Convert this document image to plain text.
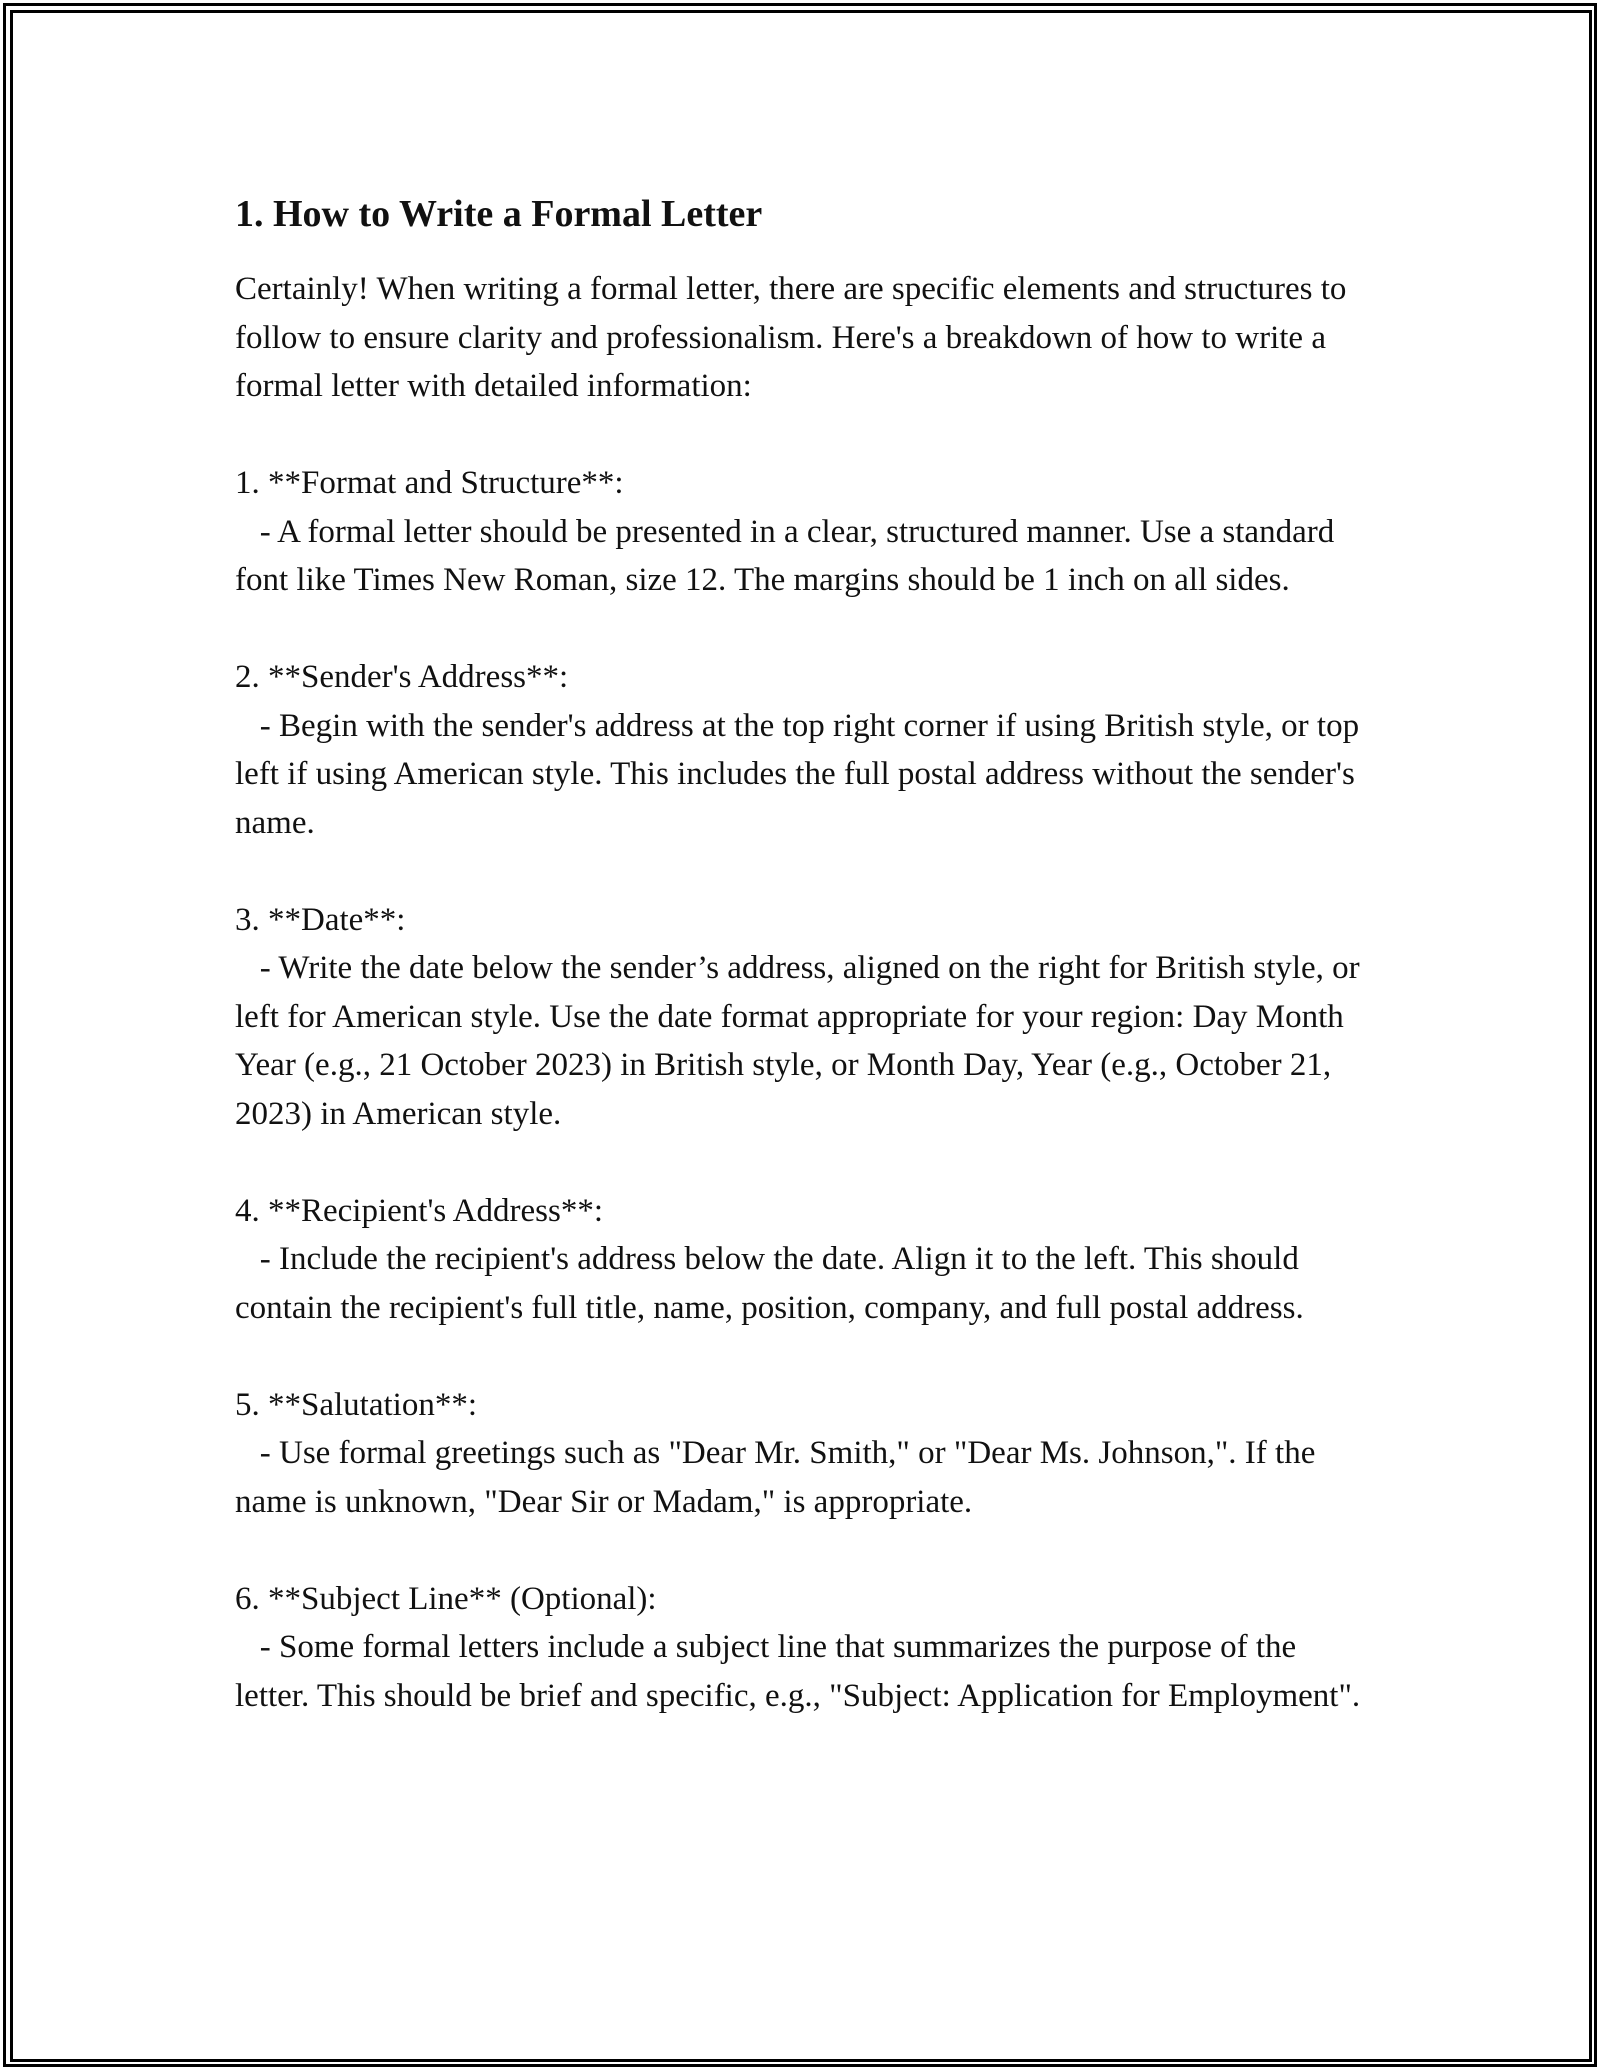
1. How to Write a Formal Letter

Certainly! When writing a formal letter, there are specific elements and structures to follow to ensure clarity and professionalism. Here's a breakdown of how to write a formal letter with detailed information:

1. **Format and Structure**:

- A formal letter should be presented in a clear, structured manner. Use a standard font like Times New Roman, size 12. The margins should be 1 inch on all sides.

2. **Sender's Address**:

- Begin with the sender's address at the top right corner if using British style, or top left if using American style. This includes the full postal address without the sender's name.

3. **Date**:

- Write the date below the sender’s address, aligned on the right for British style, or left for American style. Use the date format appropriate for your region: Day Month Year (e.g., 21 October 2023) in British style, or Month Day, Year (e.g., October 21, 2023) in American style.

4. **Recipient's Address**:

- Include the recipient's address below the date. Align it to the left. This should contain the recipient's full title, name, position, company, and full postal address.

5. **Salutation**:

- Use formal greetings such as "Dear Mr. Smith," or "Dear Ms. Johnson,". If the name is unknown, "Dear Sir or Madam," is appropriate.

6. **Subject Line** (Optional):

- Some formal letters include a subject line that summarizes the purpose of the letter. This should be brief and specific, e.g., "Subject: Application for Employment".
